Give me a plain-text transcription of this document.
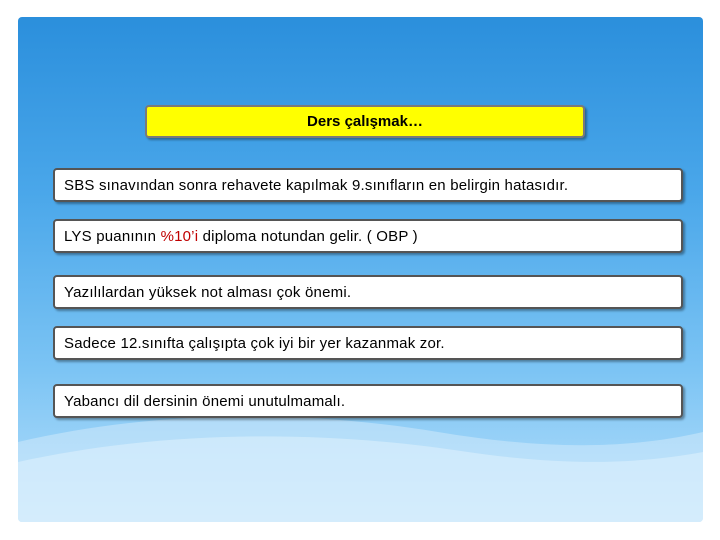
Ders çalışmak…
SBS sınavından sonra rehavete kapılmak 9.sınıfların en belirgin hatasıdır.
LYS puanının %10’i diploma notundan gelir. ( OBP )
Yazılılardan yüksek not alması çok önemi.
Sadece 12.sınıfta çalışıpta çok iyi bir yer kazanmak zor.
Yabancı dil dersinin önemi unutulmamalı.
